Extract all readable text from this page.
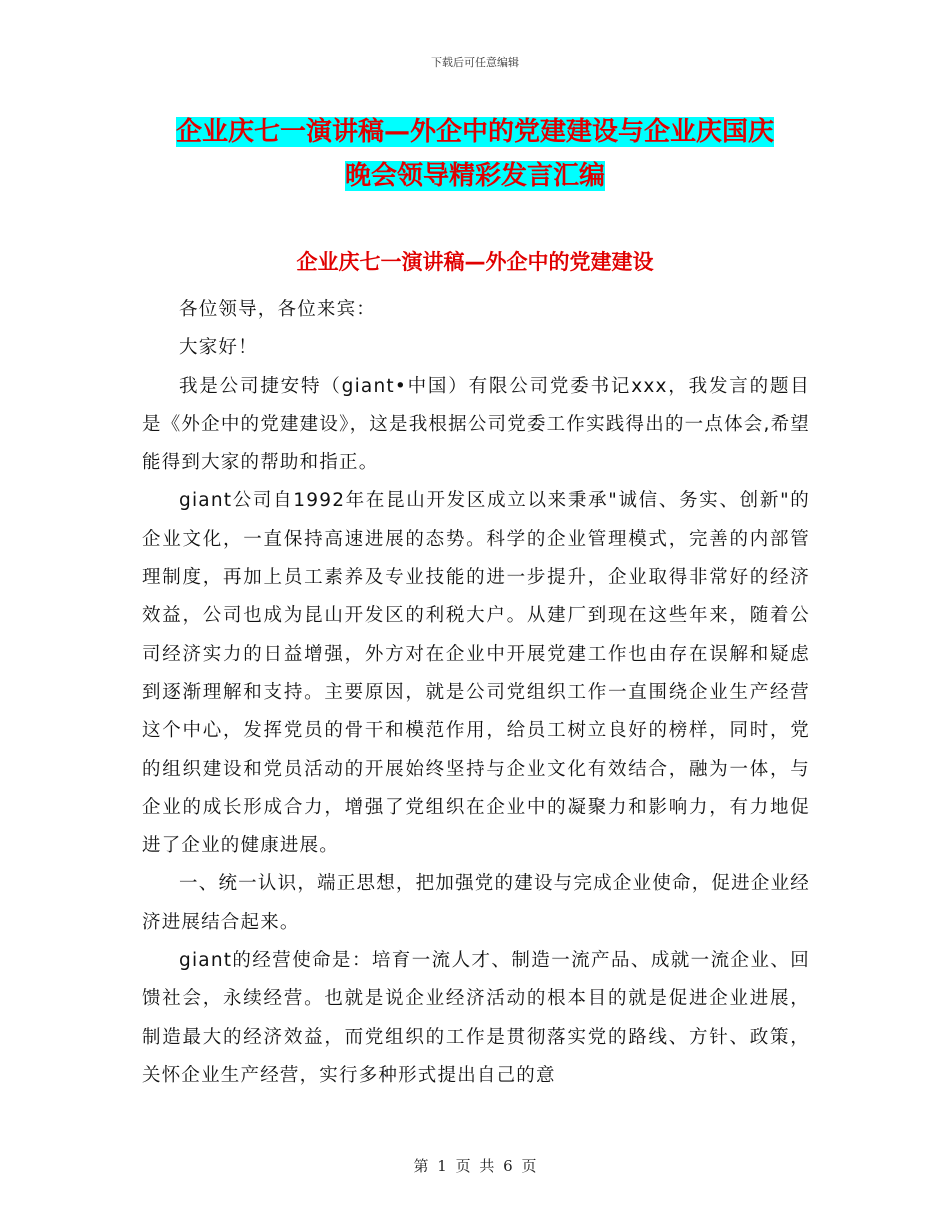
下载后可任意编辑
企业庆七一演讲稿—外企中的党建建设与企业庆国庆
晚会领导精彩发言汇编
企业庆七一演讲稿—外企中的党建建设

各位领导，各位来宾：

大家好！

我是公司捷安特（giant•中国）有限公司党委书记xxx，我发言的题目是《外企中的党建建设》，这是我根据公司党委工作实践得出的一点体会,希望能得到大家的帮助和指正。

giant公司自1992年在昆山开发区成立以来秉承"诚信、务实、创新"的企业文化，一直保持高速进展的态势。科学的企业管理模式，完善的内部管理制度，再加上员工素养及专业技能的进一步提升，企业取得非常好的经济效益，公司也成为昆山开发区的利税大户。从建厂到现在这些年来，随着公司经济实力的日益增强，外方对在企业中开展党建工作也由存在误解和疑虑到逐渐理解和支持。主要原因，就是公司党组织工作一直围绕企业生产经营这个中心，发挥党员的骨干和模范作用，给员工树立良好的榜样，同时，党的组织建设和党员活动的开展始终坚持与企业文化有效结合，融为一体，与企业的成长形成合力，增强了党组织在企业中的凝聚力和影响力，有力地促进了企业的健康进展。

一、统一认识，端正思想，把加强党的建设与完成企业使命，促进企业经济进展结合起来。

giant的经营使命是：培育一流人才、制造一流产品、成就一流企业、回馈社会，永续经营。也就是说企业经济活动的根本目的就是促进企业进展，制造最大的经济效益，而党组织的工作是贯彻落实党的路线、方针、政策，关怀企业生产经营，实行多种形式提出自己的意

第 1 页 共 6 页
